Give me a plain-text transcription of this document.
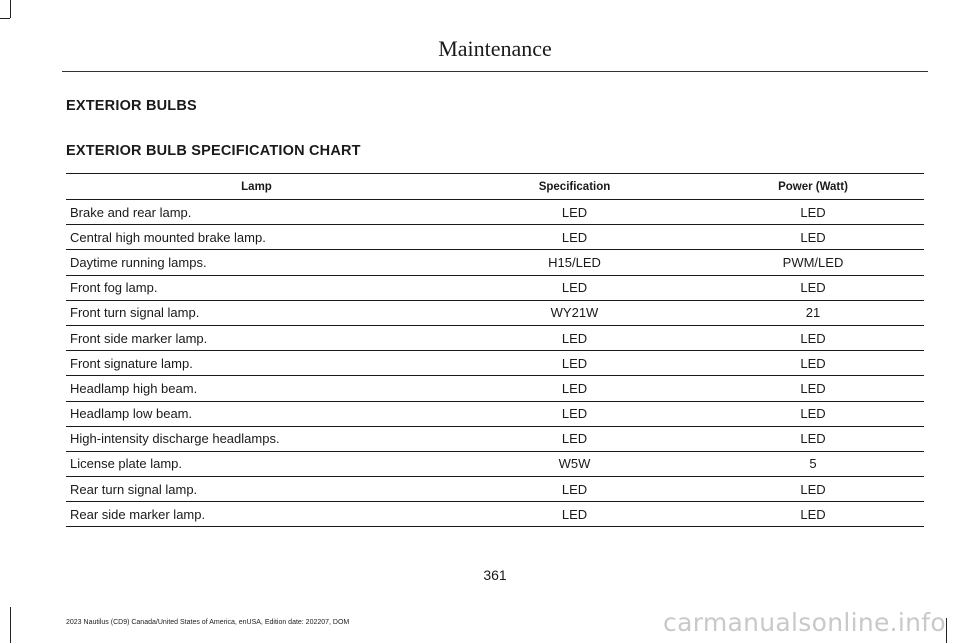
Maintenance
EXTERIOR BULBS
EXTERIOR BULB SPECIFICATION CHART
Lamp	Specification	Power (Watt)
Brake and rear lamp.	LED	LED
Central high mounted brake lamp.	LED	LED
Daytime running lamps.	H15/LED	PWM/LED
Front fog lamp.	LED	LED
Front turn signal lamp.	WY21W	21
Front side marker lamp.	LED	LED
Front signature lamp.	LED	LED
Headlamp high beam.	LED	LED
Headlamp low beam.	LED	LED
High-intensity discharge headlamps.	LED	LED
License plate lamp.	W5W	5
Rear turn signal lamp.	LED	LED
Rear side marker lamp.	LED	LED
361
2023 Nautilus (CD9) Canada/United States of America, enUSA, Edition date: 202207, DOM	carmanualsonline.info
